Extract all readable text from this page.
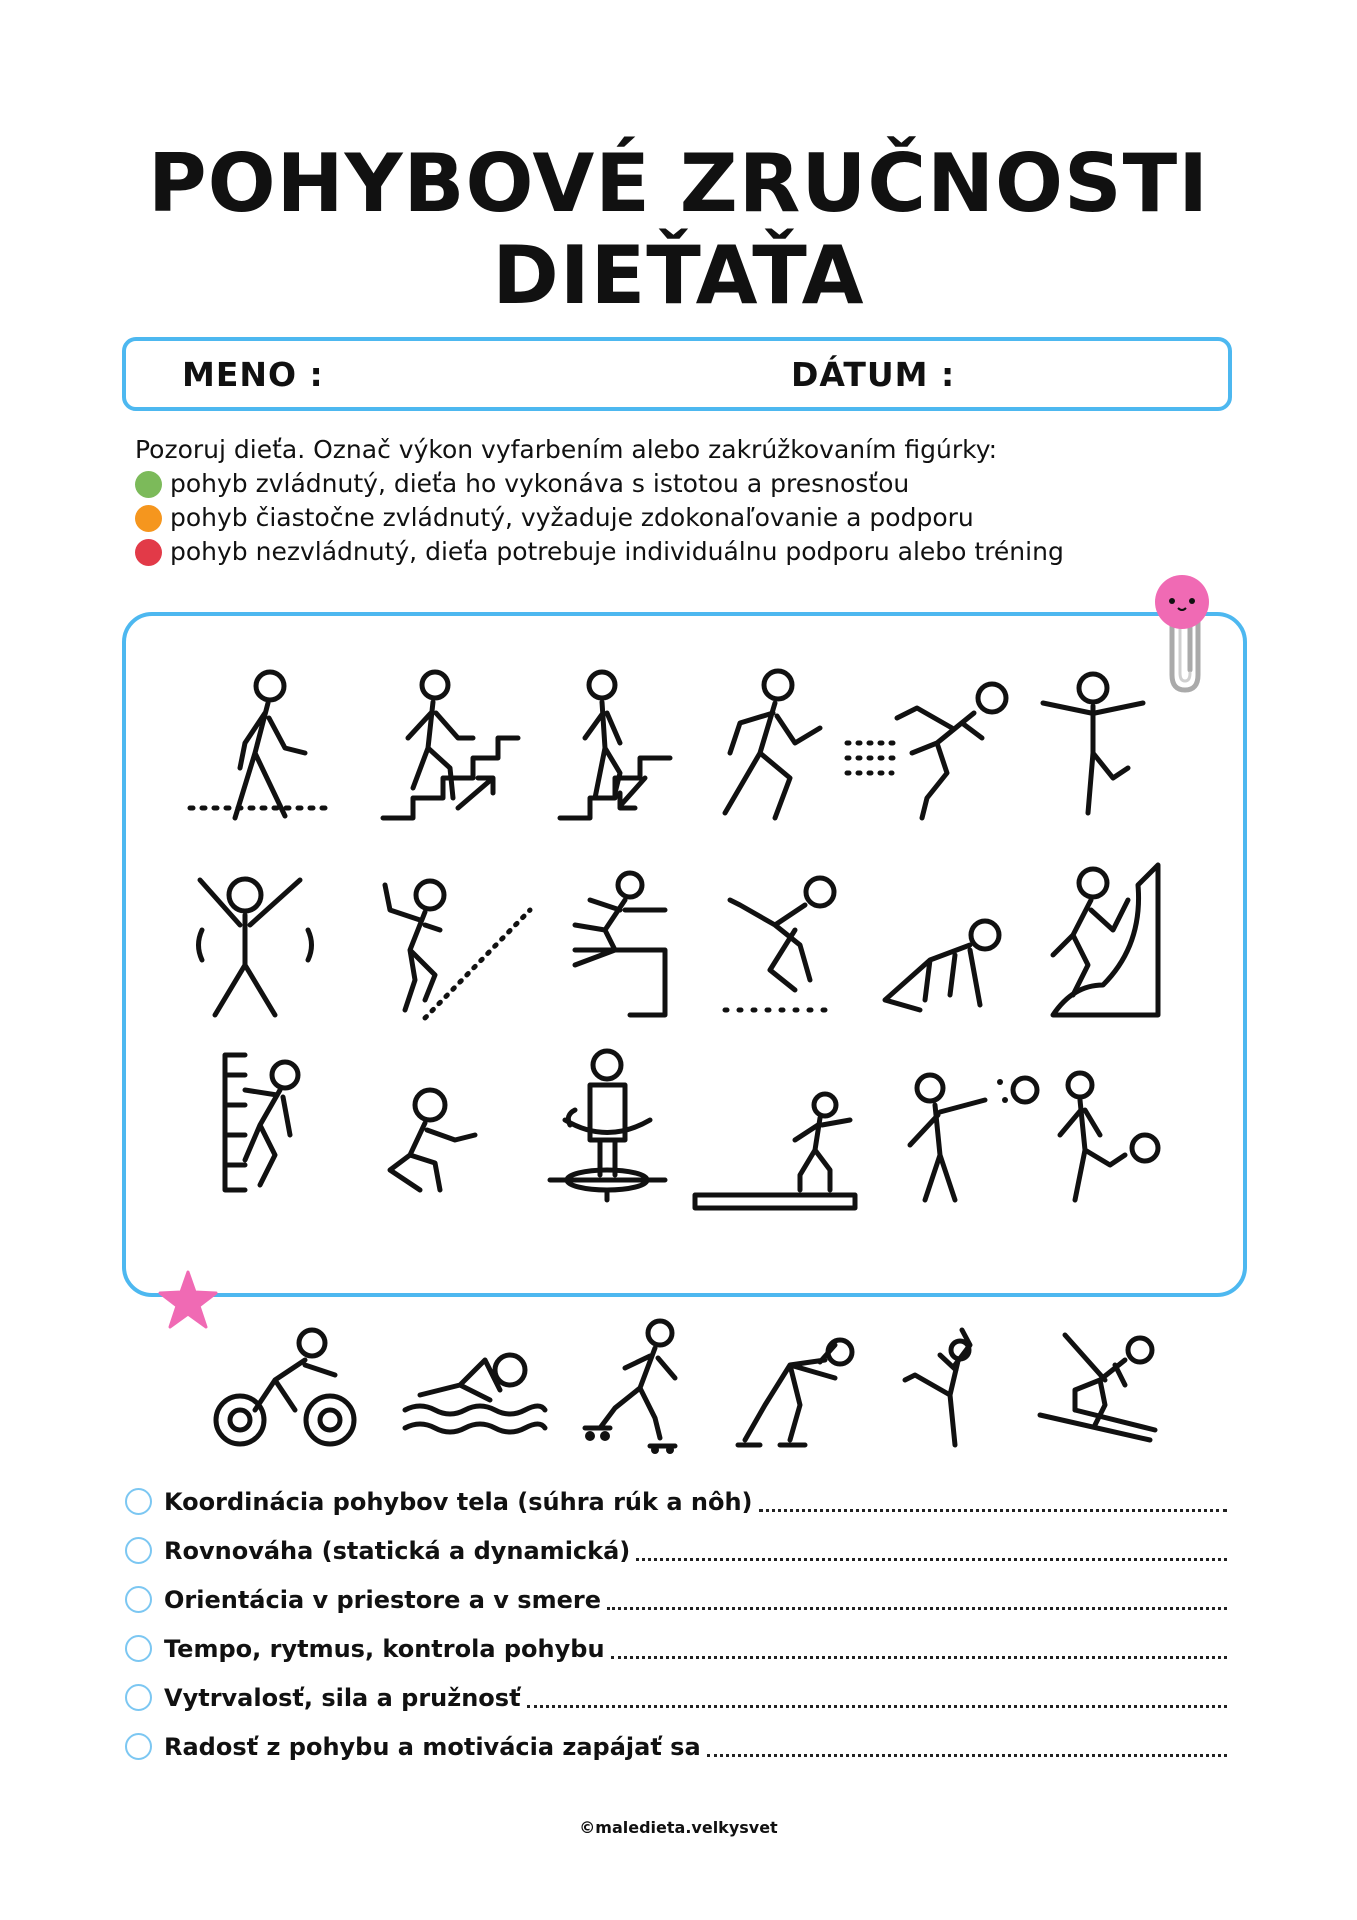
POHYBOVÉ ZRUČNOSTI
DIEŤAŤA
MENO :	DÁTUM :
Pozoruj dieťa. Označ výkon vyfarbením alebo zakrúžkovaním figúrky:
pohyb zvládnutý, dieťa ho vykonáva s istotou a presnosťou
pohyb čiastočne zvládnutý, vyžaduje zdokonaľovanie a podporu
pohyb nezvládnutý, dieťa potrebuje individuálnu podporu alebo tréning
Koordinácia pohybov tela (súhra rúk a nôh)
Rovnováha (statická a dynamická)
Orientácia v priestore a v smere
Tempo, rytmus, kontrola pohybu
Vytrvalosť, sila a pružnosť
Radosť z pohybu a motivácia zapájať sa
©maledieta.velkysvet
